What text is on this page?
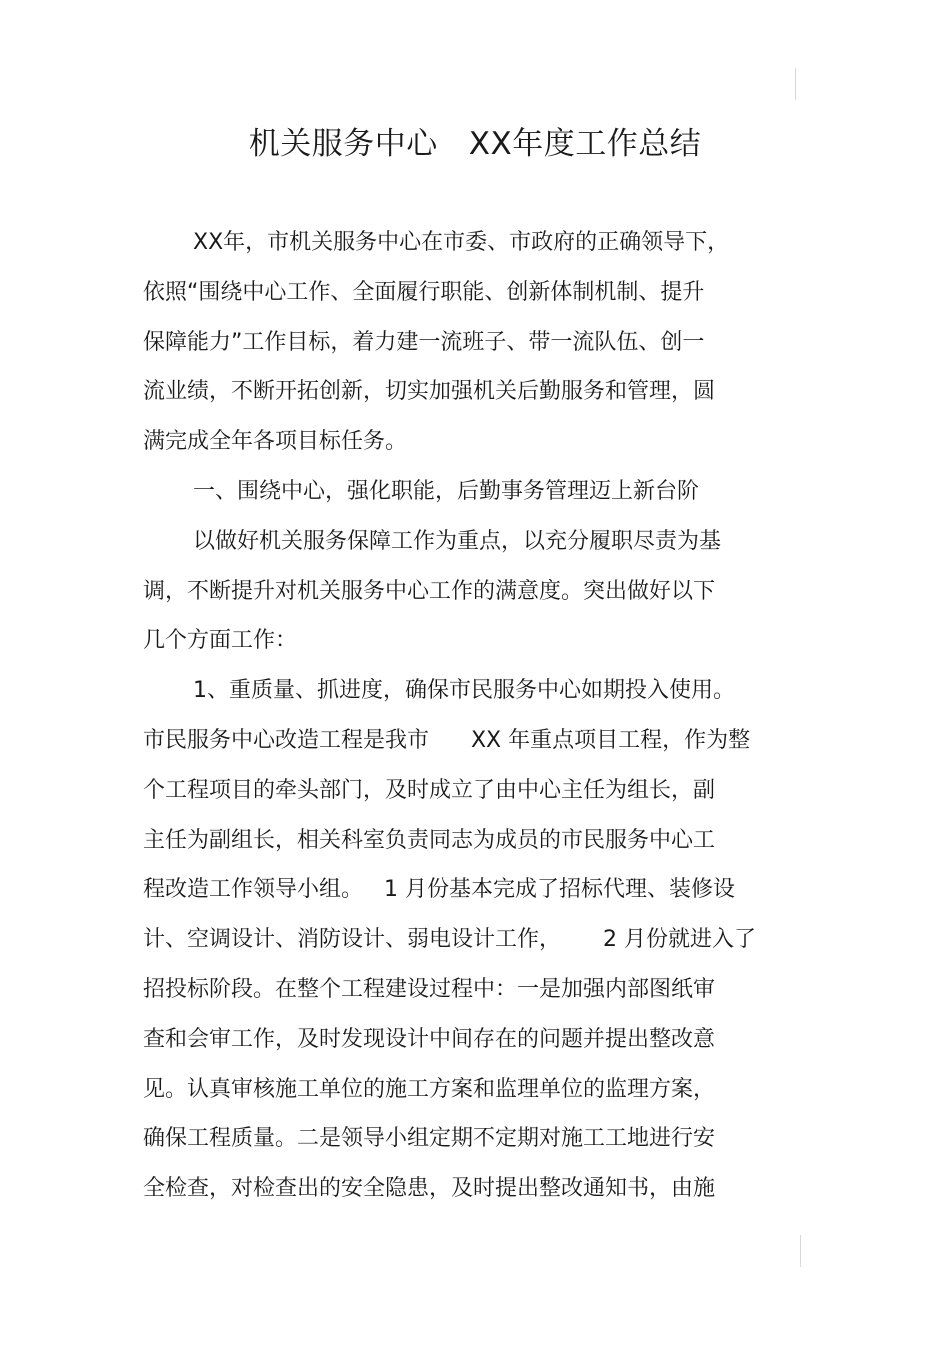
机关服务中心   XX年度工作总结
XX年，市机关服务中心在市委、市政府的正确领导下，
依照“围绕中心工作、全面履行职能、创新体制机制、提升
保障能力”工作目标，着力建一流班子、带一流队伍、创一
流业绩，不断开拓创新，切实加强机关后勤服务和管理，圆
满完成全年各项目标任务。
一、围绕中心，强化职能，后勤事务管理迈上新台阶
以做好机关服务保障工作为重点，以充分履职尽责为基
调，不断提升对机关服务中心工作的满意度。突出做好以下
几个方面工作：
1、重质量、抓进度，确保市民服务中心如期投入使用。
市民服务中心改造工程是我市      XX 年重点项目工程，作为整
个工程项目的牵头部门，及时成立了由中心主任为组长，副
主任为副组长，相关科室负责同志为成员的市民服务中心工
程改造工作领导小组。   1 月份基本完成了招标代理、装修设
计、空调设计、消防设计、弱电设计工作，      2 月份就进入了
招投标阶段。在整个工程建设过程中：一是加强内部图纸审
查和会审工作，及时发现设计中间存在的问题并提出整改意
见。认真审核施工单位的施工方案和监理单位的监理方案，
确保工程质量。二是领导小组定期不定期对施工工地进行安
全检查，对检查出的安全隐患，及时提出整改通知书，由施
